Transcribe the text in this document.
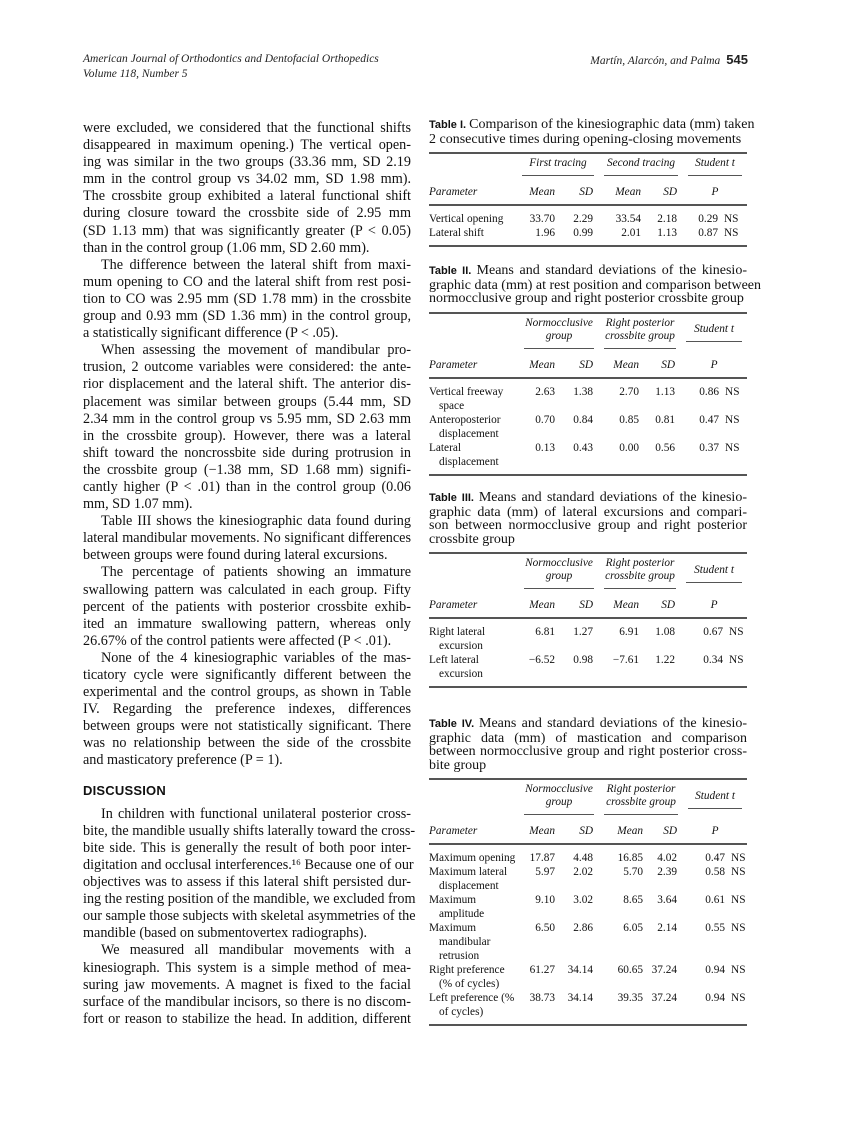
American Journal of Orthodontics and Dentofacial Orthopedics
Volume 118, Number 5
Martín, Alarcón, and Palma 545
were excluded, we considered that the functional shifts
disappeared in maximum opening.) The vertical open-
ing was similar in the two groups (33.36 mm, SD 2.19
mm in the control group vs 34.02 mm, SD 1.98 mm).
The crossbite group exhibited a lateral functional shift
during closure toward the crossbite side of 2.95 mm
(SD 1.13 mm) that was significantly greater (P < 0.05)
than in the control group (1.06 mm, SD 2.60 mm).
The difference between the lateral shift from maxi-
mum opening to CO and the lateral shift from rest posi-
tion to CO was 2.95 mm (SD 1.78 mm) in the crossbite
group and 0.93 mm (SD 1.36 mm) in the control group,
a statistically significant difference (P < .05).
When assessing the movement of mandibular pro-
trusion, 2 outcome variables were considered: the ante-
rior displacement and the lateral shift. The anterior dis-
placement was similar between groups (5.44 mm, SD
2.34 mm in the control group vs 5.95 mm, SD 2.63 mm
in the crossbite group). However, there was a lateral
shift toward the noncrossbite side during protrusion in
the crossbite group (−1.38 mm, SD 1.68 mm) signifi-
cantly higher (P < .01) than in the control group (0.06
mm, SD 1.07 mm).
Table III shows the kinesiographic data found during
lateral mandibular movements. No significant differences
between groups were found during lateral excursions.
The percentage of patients showing an immature
swallowing pattern was calculated in each group. Fifty
percent of the patients with posterior crossbite exhib-
ited an immature swallowing pattern, whereas only
26.67% of the control patients were affected (P < .01).
None of the 4 kinesiographic variables of the mas-
ticatory cycle were significantly different between the
experimental and the control groups, as shown in Table
IV. Regarding the preference indexes, differences
between groups were not statistically significant. There
was no relationship between the side of the crossbite
and masticatory preference (P = 1).
DISCUSSION
In children with functional unilateral posterior cross-
bite, the mandible usually shifts laterally toward the cross-
bite side. This is generally the result of both poor inter-
digitation and occlusal interferences.¹⁶ Because one of our
objectives was to assess if this lateral shift persisted dur-
ing the resting position of the mandible, we excluded from
our sample those subjects with skeletal asymmetries of the
mandible (based on submentovertex radiographs).
We measured all mandibular movements with a
kinesiograph. This system is a simple method of mea-
suring jaw movements. A magnet is fixed to the facial
surface of the mandibular incisors, so there is no discom-
fort or reason to stabilize the head. In addition, different
Table I. Comparison of the kinesiographic data (mm) taken
2 consecutive times during opening-closing movements

	First tracing		Second tracing		Student t	

Parameter	Mean	SD	Mean	SD	P	
Vertical opening	33.70	2.29	33.54	2.18	0.29	NS
Lateral shift	1.96	0.99	2.01	1.13	0.87	NS
Table II. Means and standard deviations of the kinesio-
graphic data (mm) at rest position and comparison between
normocclusive group and right posterior crossbite group

	Normocclusive group		Right posterior crossbite group		Student t	

Parameter	Mean	SD	Mean	SD	P	
Vertical freeway space	2.63	1.38	2.70	1.13	0.86	NS
Anteroposterior displacement	0.70	0.84	0.85	0.81	0.47	NS
Lateral displacement	0.13	0.43	0.00	0.56	0.37	NS
Table III. Means and standard deviations of the kinesio-
graphic data (mm) of lateral excursions and compari-
son between normocclusive group and right posterior
crossbite group

	Normocclusive group		Right posterior crossbite group		Student t	

Parameter	Mean	SD	Mean	SD	P	
Right lateral excursion	6.81	1.27	6.91	1.08	0.67	NS
Left lateral excursion	−6.52	0.98	−7.61	1.22	0.34	NS
Table IV. Means and standard deviations of the kinesio-
graphic data (mm) of mastication and comparison
between normocclusive group and right posterior cross-
bite group

	Normocclusive group		Right posterior crossbite group		Student t	

Parameter	Mean	SD	Mean	SD	P	
Maximum opening	17.87	4.48	16.85	4.02	0.47	NS
Maximum lateral displacement	5.97	2.02	5.70	2.39	0.58	NS
Maximum amplitude	9.10	3.02	8.65	3.64	0.61	NS
Maximum mandibular retrusion	6.50	2.86	6.05	2.14	0.55	NS
Right preference (% of cycles)	61.27	34.14	60.65	37.24	0.94	NS
Left preference (% of cycles)	38.73	34.14	39.35	37.24	0.94	NS
